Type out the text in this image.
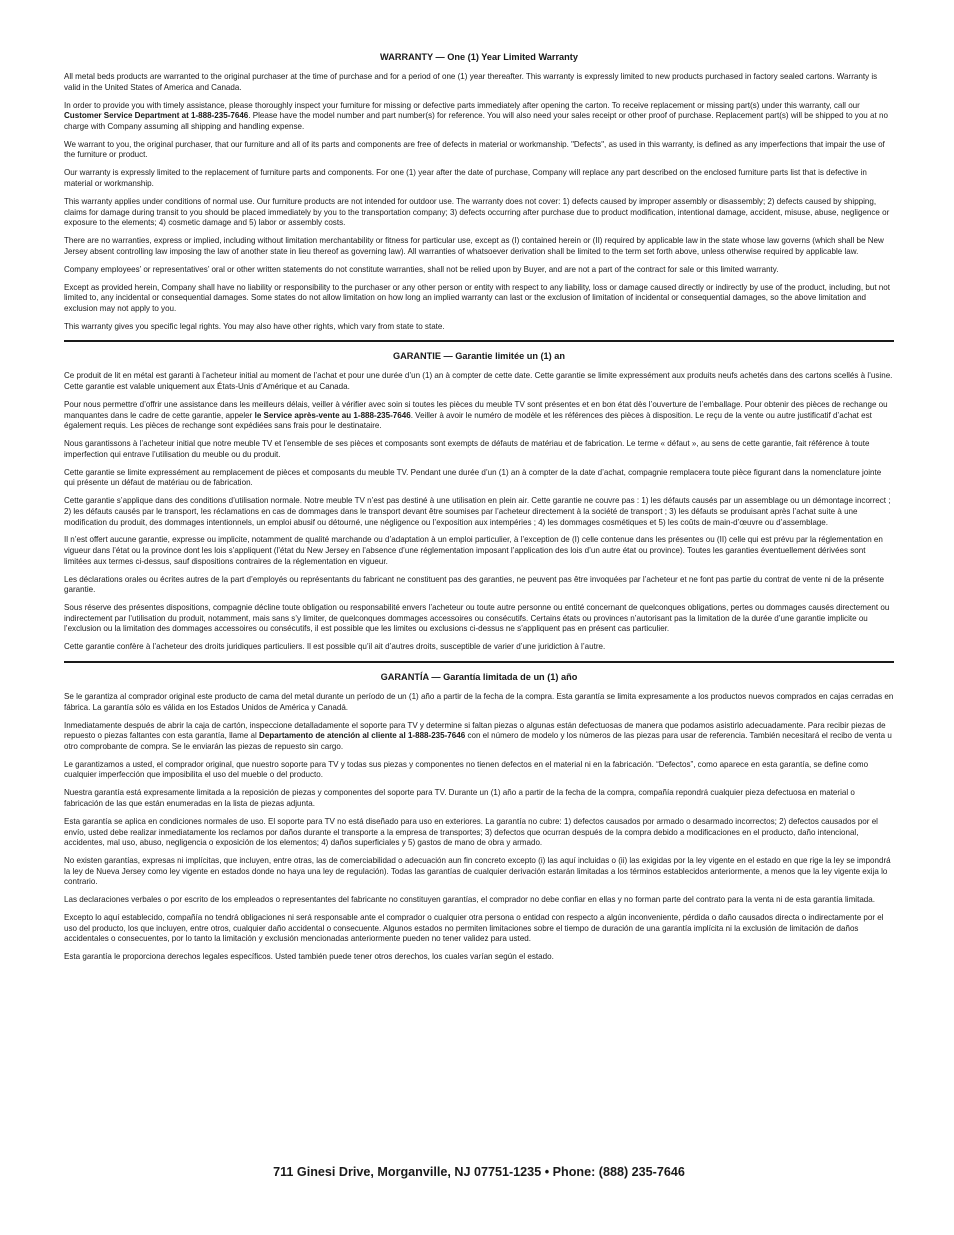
WARRANTY — One (1) Year Limited Warranty

All metal beds products are warranted to the original purchaser at the time of purchase and for a period of one (1) year thereafter. This warranty is expressly limited to new products purchased in factory sealed cartons. Warranty is valid in the United States of America and Canada.

In order to provide you with timely assistance, please thoroughly inspect your furniture for missing or defective parts immediately after opening the carton. To receive replacement or missing part(s) under this warranty, call our Customer Service Department at 1-888-235-7646. Please have the model number and part number(s) for reference. You will also need your sales receipt or other proof of purchase. Replacement part(s) will be shipped to you at no charge with Company assuming all shipping and handling expense.

We warrant to you, the original purchaser, that our furniture and all of its parts and components are free of defects in material or workmanship. "Defects", as used in this warranty, is defined as any imperfections that impair the use of the furniture or product.

Our warranty is expressly limited to the replacement of furniture parts and components. For one (1) year after the date of purchase, Company will replace any part described on the enclosed furniture parts list that is defective in material or workmanship.

This warranty applies under conditions of normal use. Our furniture products are not intended for outdoor use. The warranty does not cover: 1) defects caused by improper assembly or disassembly; 2) defects caused by shipping, claims for damage during transit to you should be placed immediately by you to the transportation company; 3) defects occurring after purchase due to product modification, intentional damage, accident, misuse, abuse, negligence or exposure to the elements; 4) cosmetic damage and 5) labor or assembly costs.

There are no warranties, express or implied, including without limitation merchantability or fitness for particular use, except as (I) contained herein or (II) required by applicable law in the state whose law governs (which shall be New Jersey absent controlling law imposing the law of another state in lieu thereof as governing law). All warranties of whatsoever derivation shall be limited to the term set forth above, unless otherwise required by applicable law.

Company employees’ or representatives’ oral or other written statements do not constitute warranties, shall not be relied upon by Buyer, and are not a part of the contract for sale or this limited warranty.

Except as provided herein, Company shall have no liability or responsibility to the purchaser or any other person or entity with respect to any liability, loss or damage caused directly or indirectly by use of the product, including, but not limited to, any incidental or consequential damages. Some states do not allow limitation on how long an implied warranty can last or the exclusion of limitation of incidental or consequential damages, so the above limitation and exclusion may not apply to you.

This warranty gives you specific legal rights. You may also have other rights, which vary from state to state.

GARANTIE — Garantie limitée un (1) an

Ce produit de lit en métal est garanti à l’acheteur initial au moment de l’achat et pour une durée d’un (1) an à compter de cette date. Cette garantie se limite expressément aux produits neufs achetés dans des cartons scellés à l’usine. Cette garantie est valable uniquement aux États-Unis d’Amérique et au Canada.

Pour nous permettre d’offrir une assistance dans les meilleurs délais, veiller à vérifier avec soin si toutes les pièces du meuble TV sont présentes et en bon état dès l’ouverture de l’emballage. Pour obtenir des pièces de rechange ou manquantes dans le cadre de cette garantie, appeler le Service après-vente au 1-888-235-7646. Veiller à avoir le numéro de modèle et les références des pièces à disposition. Le reçu de la vente ou autre justificatif d’achat est également requis. Les pièces de rechange sont expédiées sans frais pour le destinataire.

Nous garantissons à l’acheteur initial que notre meuble TV et l’ensemble de ses pièces et composants sont exempts de défauts de matériau et de fabrication. Le terme « défaut », au sens de cette garantie, fait référence à toute imperfection qui entrave l’utilisation du meuble ou du produit.

Cette garantie se limite expressément au remplacement de pièces et composants du meuble TV. Pendant une durée d’un (1) an à compter de la date d’achat, compagnie remplacera toute pièce figurant dans la nomenclature jointe qui présente un défaut de matériau ou de fabrication.

Cette garantie s’applique dans des conditions d’utilisation normale. Notre meuble TV n’est pas destiné à une utilisation en plein air. Cette garantie ne couvre pas : 1) les défauts causés par un assemblage ou un démontage incorrect ; 2) les défauts causés par le transport, les réclamations en cas de dommages dans le transport devant être soumises par l’acheteur directement à la société de transport ; 3) les défauts se produisant après l’achat suite à une modification du produit, des dommages intentionnels, un emploi abusif ou détourné, une négligence ou l’exposition aux intempéries ; 4) les dommages cosmétiques et 5) les coûts de main-d’œuvre ou d’assemblage.

Il n’est offert aucune garantie, expresse ou implicite, notamment de qualité marchande ou d’adaptation à un emploi particulier, à l’exception de (I) celle contenue dans les présentes ou (II) celle qui est prévu par la réglementation en vigueur dans l’état ou la province dont les lois s’appliquent (l’état du New Jersey en l’absence d’une réglementation imposant l’application des lois d’un autre état ou province). Toutes les garanties éventuellement dérivées sont limitées aux termes ci-dessus, sauf dispositions contraires de la réglementation en vigueur.

Les déclarations orales ou écrites autres de la part d’employés ou représentants du fabricant ne constituent pas des garanties, ne peuvent pas être invoquées par l’acheteur et ne font pas partie du contrat de vente ni de la présente garantie.

Sous réserve des présentes dispositions, compagnie décline toute obligation ou responsabilité envers l’acheteur ou toute autre personne ou entité concernant de quelconques obligations, pertes ou dommages causés directement ou indirectement par l’utilisation du produit, notamment, mais sans s’y limiter, de quelconques dommages accessoires ou consécutifs. Certains états ou provinces n’autorisant pas la limitation de la durée d’une garantie implicite ou l’exclusion ou la limitation des dommages accessoires ou consécutifs, il est possible que les limites ou exclusions ci-dessus ne s’appliquent pas en présent cas particulier.

Cette garantie confère à l’acheteur des droits juridiques particuliers. Il est possible qu’il ait d’autres droits, susceptible de varier d’une juridiction à l’autre.

GARANTÍA — Garantía limitada de un (1) año

Se le garantiza al comprador original este producto de cama del metal durante un período de un (1) año a partir de la fecha de la compra. Esta garantía se limita expresamente a los productos nuevos comprados en cajas cerradas en fábrica. La garantía sólo es válida en los Estados Unidos de América y Canadá.

Inmediatamente después de abrir la caja de cartón, inspeccione detalladamente el soporte para TV y determine si faltan piezas o algunas están defectuosas de manera que podamos asistirlo adecuadamente. Para recibir piezas de repuesto o piezas faltantes con esta garantía, llame al Departamento de atención al cliente al 1-888-235-7646 con el número de modelo y los números de las piezas para usar de referencia. También necesitará el recibo de venta u otro comprobante de compra. Se le enviarán las piezas de repuesto sin cargo.

Le garantizamos a usted, el comprador original, que nuestro soporte para TV y todas sus piezas y componentes no tienen defectos en el material ni en la fabricación. “Defectos”, como aparece en esta garantía, se define como cualquier imperfección que imposibilita el uso del mueble o del producto.

Nuestra garantía está expresamente limitada a la reposición de piezas y componentes del soporte para TV. Durante un (1) año a partir de la fecha de la compra, compañía repondrá cualquier pieza defectuosa en material o fabricación de las que están enumeradas en la lista de piezas adjunta.

Esta garantía se aplica en condiciones normales de uso. El soporte para TV no está diseñado para uso en exteriores. La garantía no cubre: 1) defectos causados por armado o desarmado incorrectos; 2) defectos causados por el envío, usted debe realizar inmediatamente los reclamos por daños durante el transporte a la empresa de transportes; 3) defectos que ocurran después de la compra debido a modificaciones en el producto, daño intencional, accidentes, mal uso, abuso, negligencia o exposición de los elementos; 4) daños superficiales y 5) gastos de mano de obra y armado.

No existen garantías, expresas ni implícitas, que incluyen, entre otras, las de comerciabilidad o adecuación aun fin concreto excepto (i) las aquí incluidas o (ii) las exigidas por la ley vigente en el estado en que rige la ley se impondrá la ley de Nueva Jersey como ley vigente en estados donde no haya una ley de regulación). Todas las garantías de cualquier derivación estarán limitadas a los términos establecidos anteriormente, a menos que la ley vigente exija lo contrario.

Las declaraciones verbales o por escrito de los empleados o representantes del fabricante no constituyen garantías, el comprador no debe confiar en ellas y no forman parte del contrato para la venta ni de esta garantía limitada.

Excepto lo aquí establecido, compañía no tendrá obligaciones ni será responsable ante el comprador o cualquier otra persona o entidad con respecto a algún inconveniente, pérdida o daño causados directa o indirectamente por el uso del producto, los que incluyen, entre otros, cualquier daño accidental o consecuente. Algunos estados no permiten limitaciones sobre el tiempo de duración de una garantía implícita ni la exclusión de limitación de daños accidentales o consecuentes, por lo tanto la limitación y exclusión mencionadas anteriormente pueden no tener validez para usted.

Esta garantía le proporciona derechos legales específicos. Usted también puede tener otros derechos, los cuales varían según el estado.

711 Ginesi Drive, Morganville, NJ 07751-1235 • Phone: (888) 235-7646
